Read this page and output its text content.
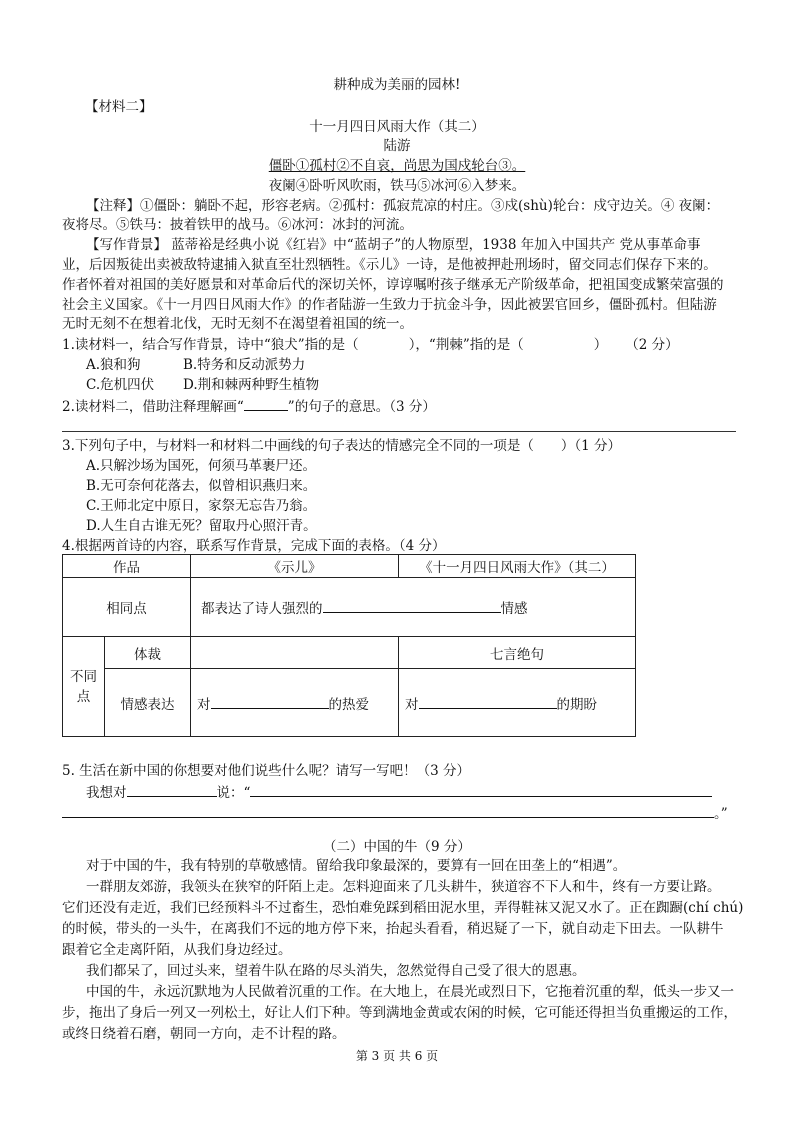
耕种成为美丽的园林!
【材料二】
十一月四日风雨大作（其二）
陆游
僵卧①孤村②不自哀，尚思为国戍轮台③。
夜阑④卧听风吹雨，铁马⑤冰河⑥入梦来。
【注释】①僵卧：躺卧不起，形容老病。②孤村：孤寂荒凉的村庄。③戍(shù)轮台：戍守边关。④ 夜阑：
夜将尽。⑤铁马：披着铁甲的战马。⑥冰河：冰封的河流。
【写作背景】 蓝蒂裕是经典小说《红岩》中“蓝胡子”的人物原型，1938 年加入中国共产 党从事革命事
业，后因叛徒出卖被敌特逮捕入狱直至壮烈牺牲。《示儿》一诗，是他被押赴刑场时，留交同志们保存下来的。
作者怀着对祖国的美好愿景和对革命后代的深切关怀，谆谆嘱咐孩子继承无产阶级革命，把祖国变成繁荣富强的
社会主义国家。《十一月四日风雨大作》的作者陆游一生致力于抗金斗争，因此被罢官回乡，僵卧孤村。但陆游
无时无刻不在想着北伐，无时无刻不在渴望着祖国的统一。
1.读材料一，结合写作背景，诗中“狼犬”指的是（	），“荆棘”指的是（	） （2 分）
A.狼和狗	B.特务和反动派势力
C.危机四伏 D.荆和棘两种野生植物
2.读材料二，借助注释理解画“	”的句子的意思。（3 分）
3.下列句子中，与材料一和材料二中画线的句子表达的情感完全不同的一项是（　　）（1 分）
A.只解沙场为国死，何须马革裹尸还。
B.无可奈何花落去，似曾相识燕归来。
C.王师北定中原日，家祭无忘告乃翁。
D.人生自古谁无死？留取丹心照汗青。
4.根据两首诗的内容，联系写作背景，完成下面的表格。（4 分）
作品		《示儿》	《十一月四日风雨大作》（其二）
相同点		都表达了诗人强烈的 情感	
不同点	体裁		七言绝句
	情感表达	对 的热爱	对 的期盼
5. 生活在新中国的你想要对他们说些什么呢？请写一写吧！（3 分）
我想对	说：“
。”
（二）中国的牛（9 分）
对于中国的牛，我有特别的草敬感情。留给我印象最深的，要算有一回在田垄上的“相遇”。
一群朋友郊游，我领头在狭窄的阡陌上走。怎料迎面来了几头耕牛，狭道容不下人和牛，终有一方要让路。
它们还没有走近，我们已经预料斗不过畜生，恐怕难免踩到稻田泥水里，弄得鞋袜又泥又水了。正在踟蹰(chí chú)
的时候，带头的一头牛，在离我们不远的地方停下来，抬起头看看，稍迟疑了一下，就自动走下田去。一队耕牛
跟着它全走离阡陌，从我们身边经过。
我们都呆了，回过头来，望着牛队在路的尽头消失，忽然觉得自己受了很大的恩惠。
中国的牛，永远沉默地为人民做着沉重的工作。在大地上，在晨光或烈日下，它拖着沉重的犁，低头一步又一
步，拖出了身后一列又一列松土，好让人们下种。等到满地金黄或农闲的时候，它可能还得担当负重搬运的工作，
或终日绕着石磨，朝同一方向，走不计程的路。
第 3 页 共 6 页
